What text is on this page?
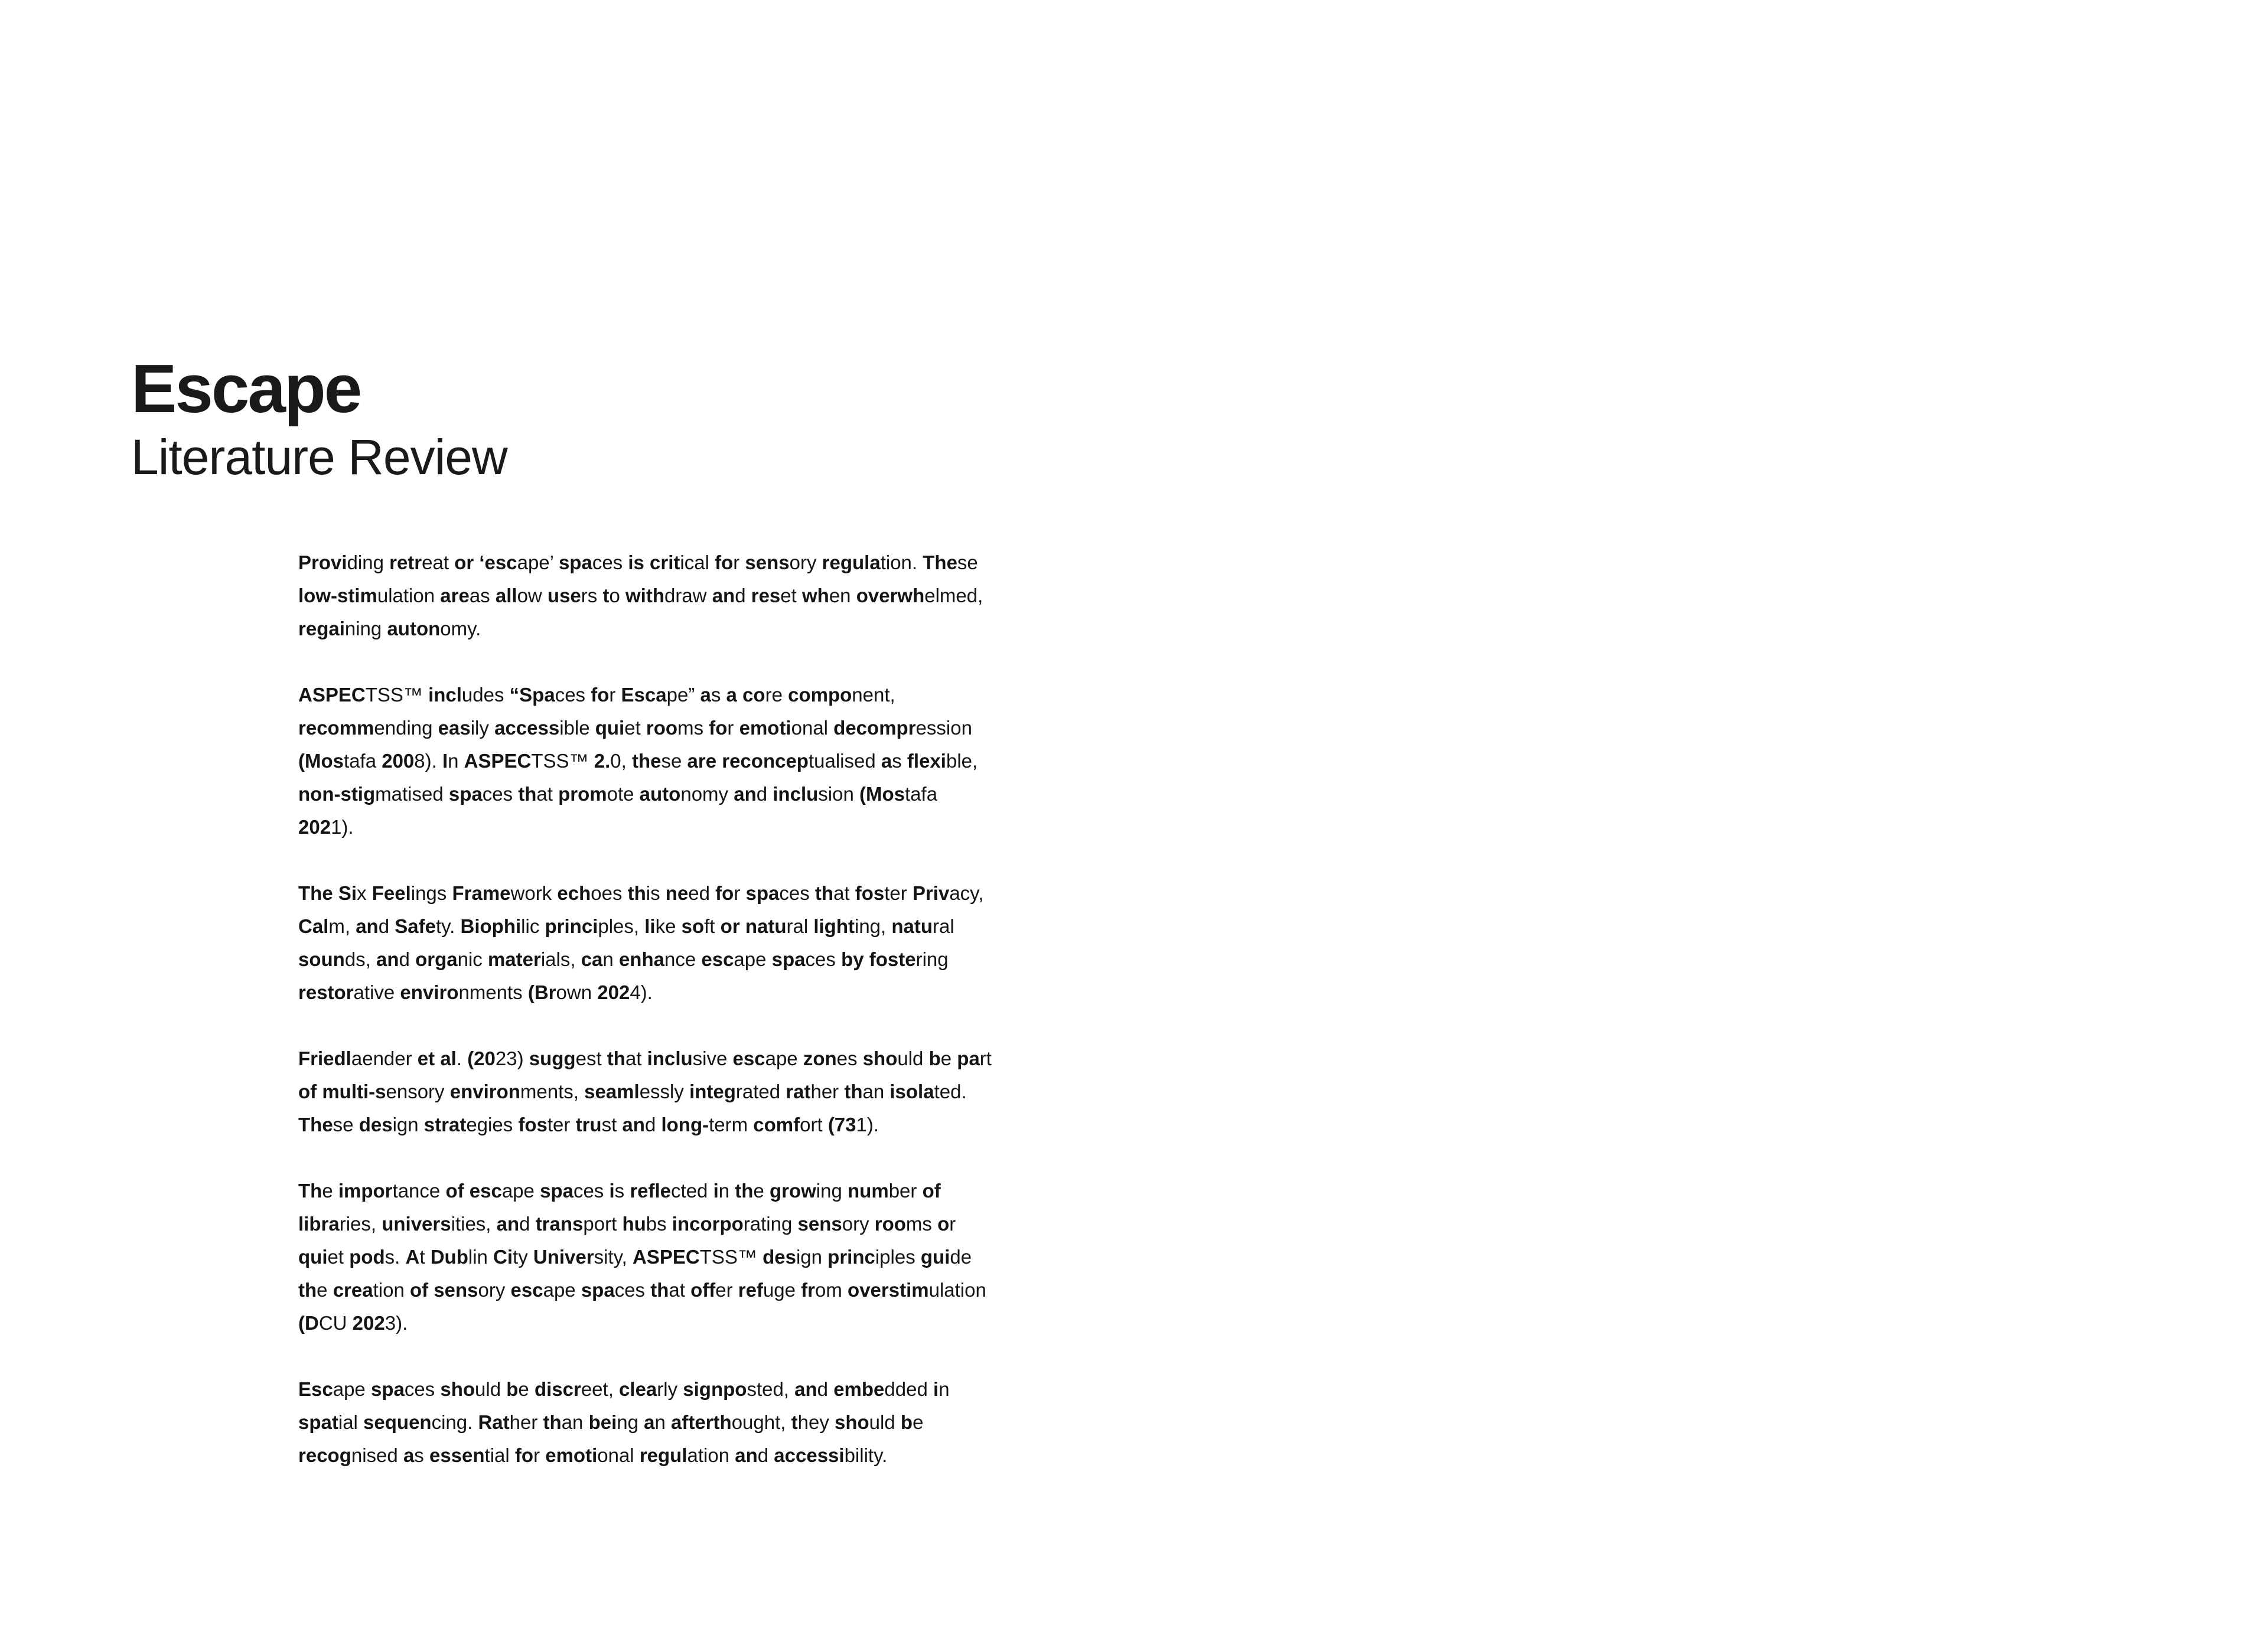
Escape
Literature Review

Providing retreat or ‘escape’ spaces is critical for sensory regulation. These low-stimulation areas allow users to withdraw and reset when overwhelmed, regaining autonomy.

ASPECTSS™ includes “Spaces for Escape” as a core component, recommending easily accessible quiet rooms for emotional decompression (Mostafa 2008). In ASPECTSS™ 2.0, these are reconceptualised as flexible, non-stigmatised spaces that promote autonomy and inclusion (Mostafa 2021).

The Six Feelings Framework echoes this need for spaces that foster Privacy, Calm, and Safety. Biophilic principles, like soft or natural lighting, natural sounds, and organic materials, can enhance escape spaces by fostering restorative environments (Brown 2024).

Friedlaender et al. (2023) suggest that inclusive escape zones should be part of multi-sensory environments, seamlessly integrated rather than isolated. These design strategies foster trust and long-term comfort (731).

The importance of escape spaces is reflected in the growing number of libraries, universities, and transport hubs incorporating sensory rooms or quiet pods. At Dublin City University, ASPECTSS™ design principles guide the creation of sensory escape spaces that offer refuge from overstimulation (DCU 2023).

Escape spaces should be discreet, clearly signposted, and embedded in spatial sequencing. Rather than being an afterthought, they should be recognised as essential for emotional regulation and accessibility.
